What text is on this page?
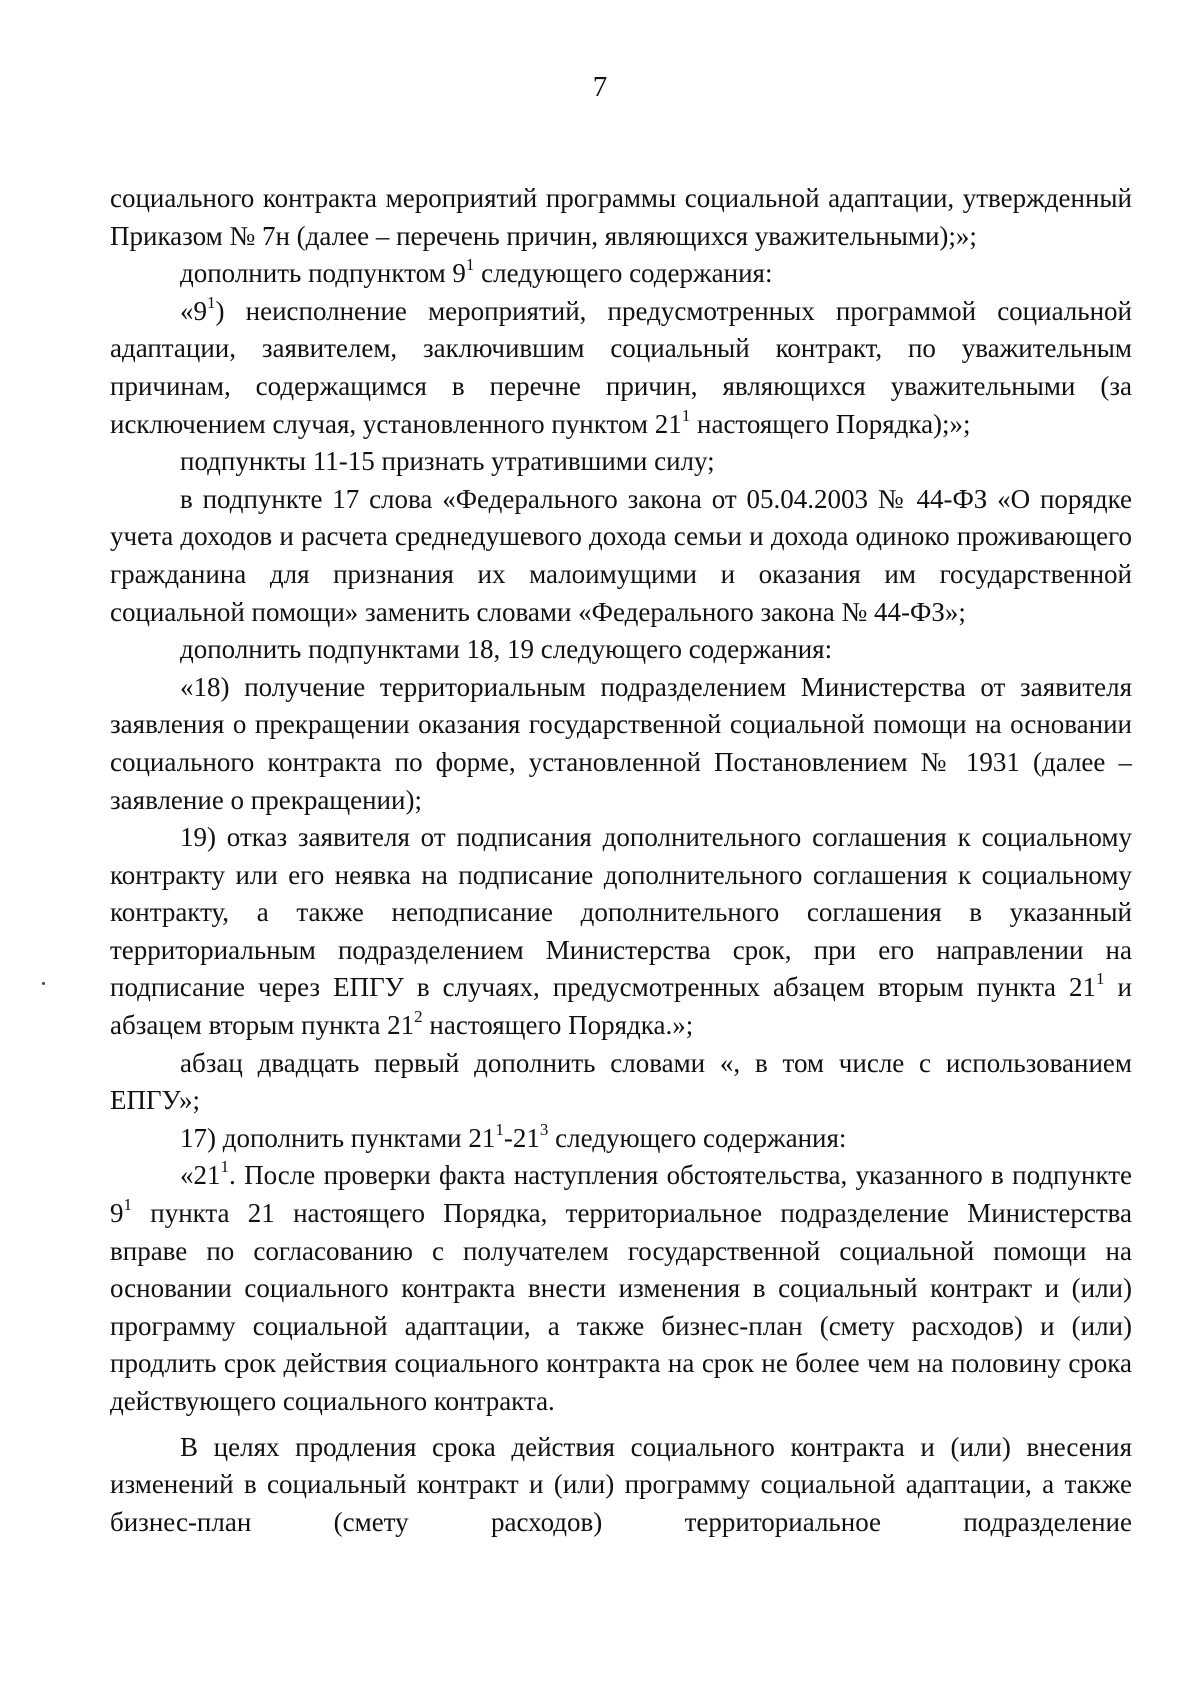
7

социального контракта мероприятий программы социальной адаптации, утвержденный Приказом № 7н (далее – перечень причин, являющихся уважительными);»;

дополнить подпунктом $9^1$ следующего содержания:

«$9^1$) неисполнение мероприятий, предусмотренных программой социальной адаптации, заявителем, заключившим социальный контракт, по уважительным причинам, содержащимся в перечне причин, являющихся уважительными (за исключением случая, установленного пунктом $21^1$ настоящего Порядка);»;

подпункты 11-15 признать утратившими силу;

в подпункте 17 слова «Федерального закона от 05.04.2003 № 44-ФЗ «О порядке учета доходов и расчета среднедушевого дохода семьи и дохода одиноко проживающего гражданина для признания их малоимущими и оказания им государственной социальной помощи» заменить словами «Федерального закона № 44-ФЗ»;

дополнить подпунктами 18, 19 следующего содержания:

«18) получение территориальным подразделением Министерства от заявителя заявления о прекращении оказания государственной социальной помощи на основании социального контракта по форме, установленной Постановлением № 1931 (далее – заявление о прекращении);

19) отказ заявителя от подписания дополнительного соглашения к социальному контракту или его неявка на подписание дополнительного соглашения к социальному контракту, а также неподписание дополнительного соглашения в указанный территориальным подразделением Министерства срок, при его направлении на подписание через ЕПГУ в случаях, предусмотренных абзацем вторым пункта $21^1$ и абзацем вторым пункта $21^2$ настоящего Порядка.»;

абзац двадцать первый дополнить словами «, в том числе с использованием ЕПГУ»;

17) дополнить пунктами $21^1-21^3$ следующего содержания:

«$21^1$. После проверки факта наступления обстоятельства, указанного в подпункте $9^1$ пункта 21 настоящего Порядка, территориальное подразделение Министерства вправе по согласованию с получателем государственной социальной помощи на основании социального контракта внести изменения в социальный контракт и (или) программу социальной адаптации, а также бизнес-план (смету расходов) и (или) продлить срок действия социального контракта на срок не более чем на половину срока действующего социального контракта.

В целях продления срока действия социального контракта и (или) внесения изменений в социальный контракт и (или) программу социальной адаптации, а также бизнес-план (смету расходов) территориальное подразделение
